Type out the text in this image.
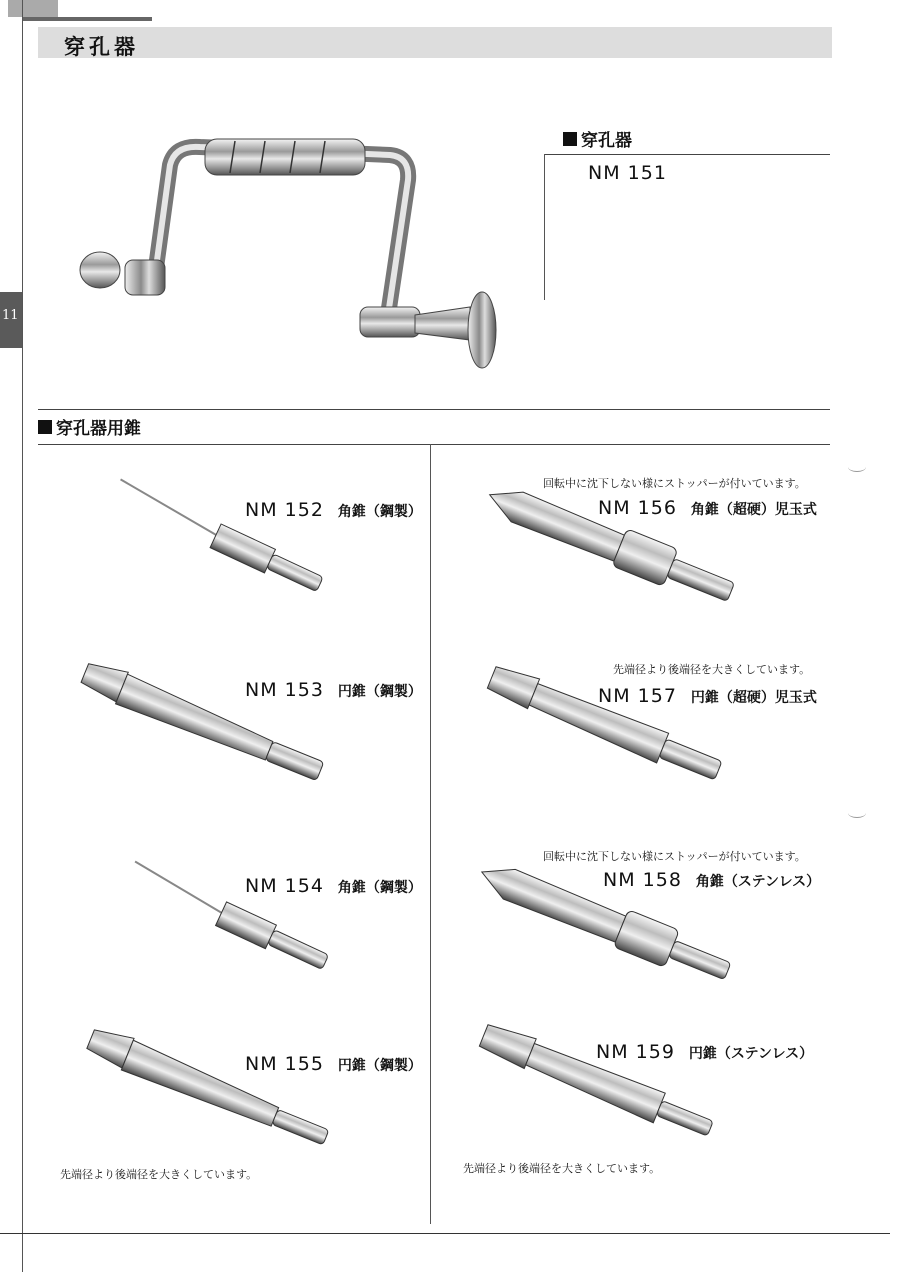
穿孔器
11
穿孔器
NM 151
穿孔器用錐
NM 152 角錐（鋼製）
NM 153 円錐（鋼製）
NM 154 角錐（鋼製）
NM 155 円錐（鋼製）
先端径より後端径を大きくしています。
回転中に沈下しない様にストッパーが付いています。
NM 156 角錐（超硬）児玉式
先端径より後端径を大きくしています。
NM 157 円錐（超硬）児玉式
回転中に沈下しない様にストッパーが付いています。
NM 158 角錐（ステンレス）
NM 159 円錐（ステンレス）
先端径より後端径を大きくしています。
